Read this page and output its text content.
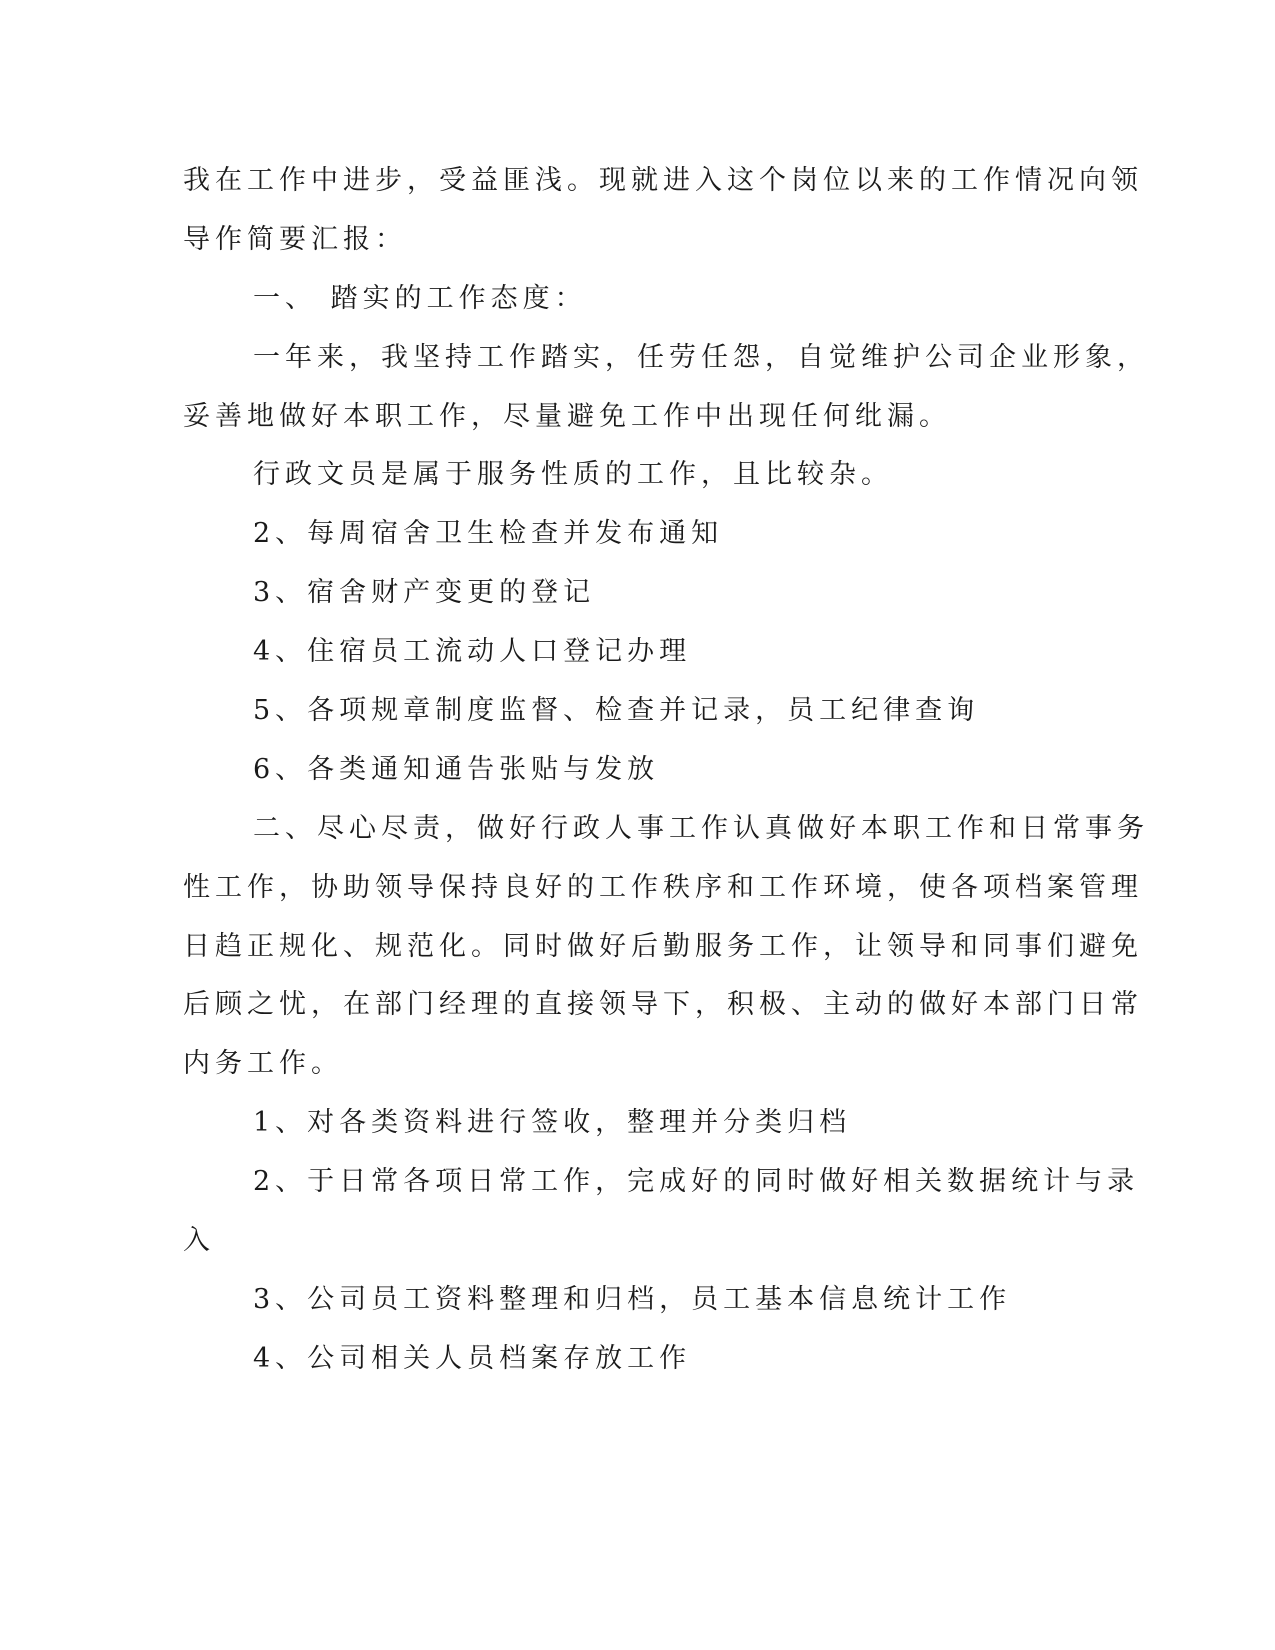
我在工作中进步，受益匪浅。现就进入这个岗位以来的工作情况向领
导作简要汇报：
一、 踏实的工作态度：
一年来，我坚持工作踏实，任劳任怨，自觉维护公司企业形象，
妥善地做好本职工作，尽量避免工作中出现任何纰漏。
行政文员是属于服务性质的工作，且比较杂。
2、每周宿舍卫生检查并发布通知
3、宿舍财产变更的登记
4、住宿员工流动人口登记办理
5、各项规章制度监督、检查并记录，员工纪律查询
6、各类通知通告张贴与发放
二、尽心尽责，做好行政人事工作认真做好本职工作和日常事务
性工作，协助领导保持良好的工作秩序和工作环境，使各项档案管理
日趋正规化、规范化。同时做好后勤服务工作，让领导和同事们避免
后顾之忧，在部门经理的直接领导下，积极、主动的做好本部门日常
内务工作。
1、对各类资料进行签收，整理并分类归档
2、于日常各项日常工作，完成好的同时做好相关数据统计与录
入
3、公司员工资料整理和归档，员工基本信息统计工作
4、公司相关人员档案存放工作
